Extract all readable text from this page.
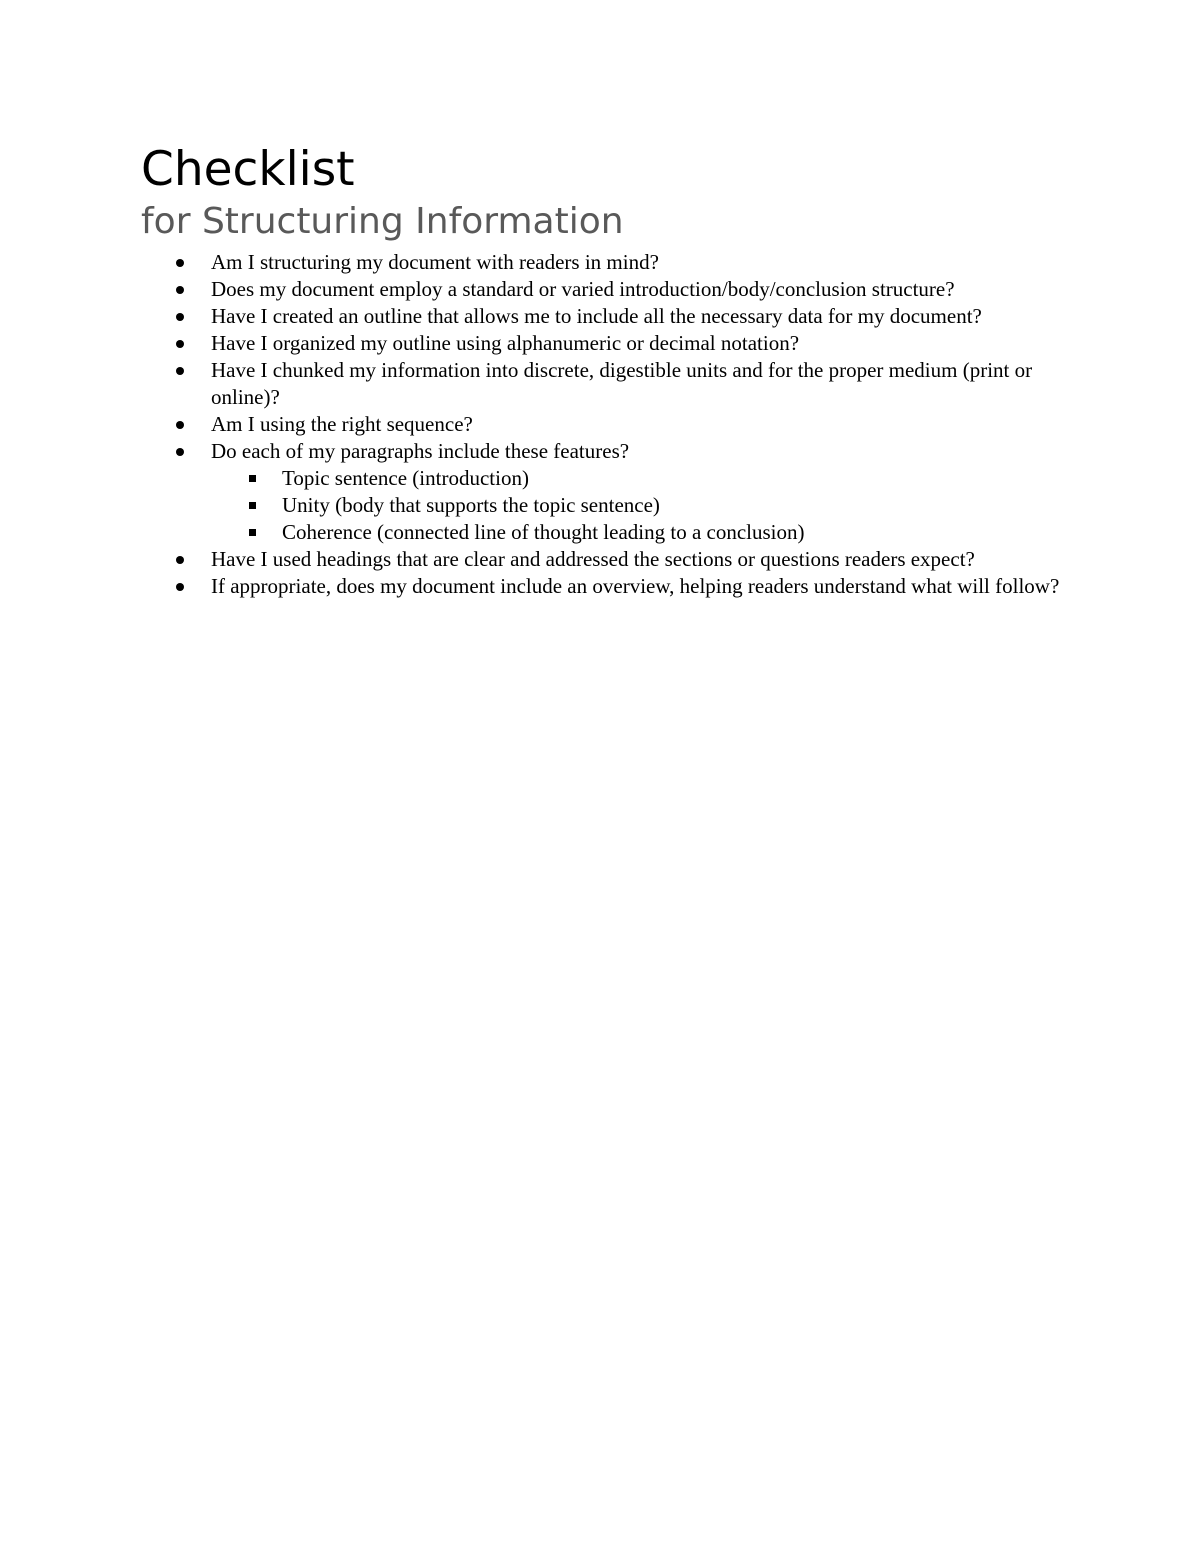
Checklist
for Structuring Information
Am I structuring my document with readers in mind?
Does my document employ a standard or varied introduction/body/conclusion structure?
Have I created an outline that allows me to include all the necessary data for my document?
Have I organized my outline using alphanumeric or decimal notation?
Have I chunked my information into discrete, digestible units and for the proper medium (print or online)?
Am I using the right sequence?
Do each of my paragraphs include these features?
Topic sentence (introduction)
Unity (body that supports the topic sentence)
Coherence (connected line of thought leading to a conclusion)
Have I used headings that are clear and addressed the sections or questions readers expect?
If appropriate, does my document include an overview, helping readers understand what will follow?
